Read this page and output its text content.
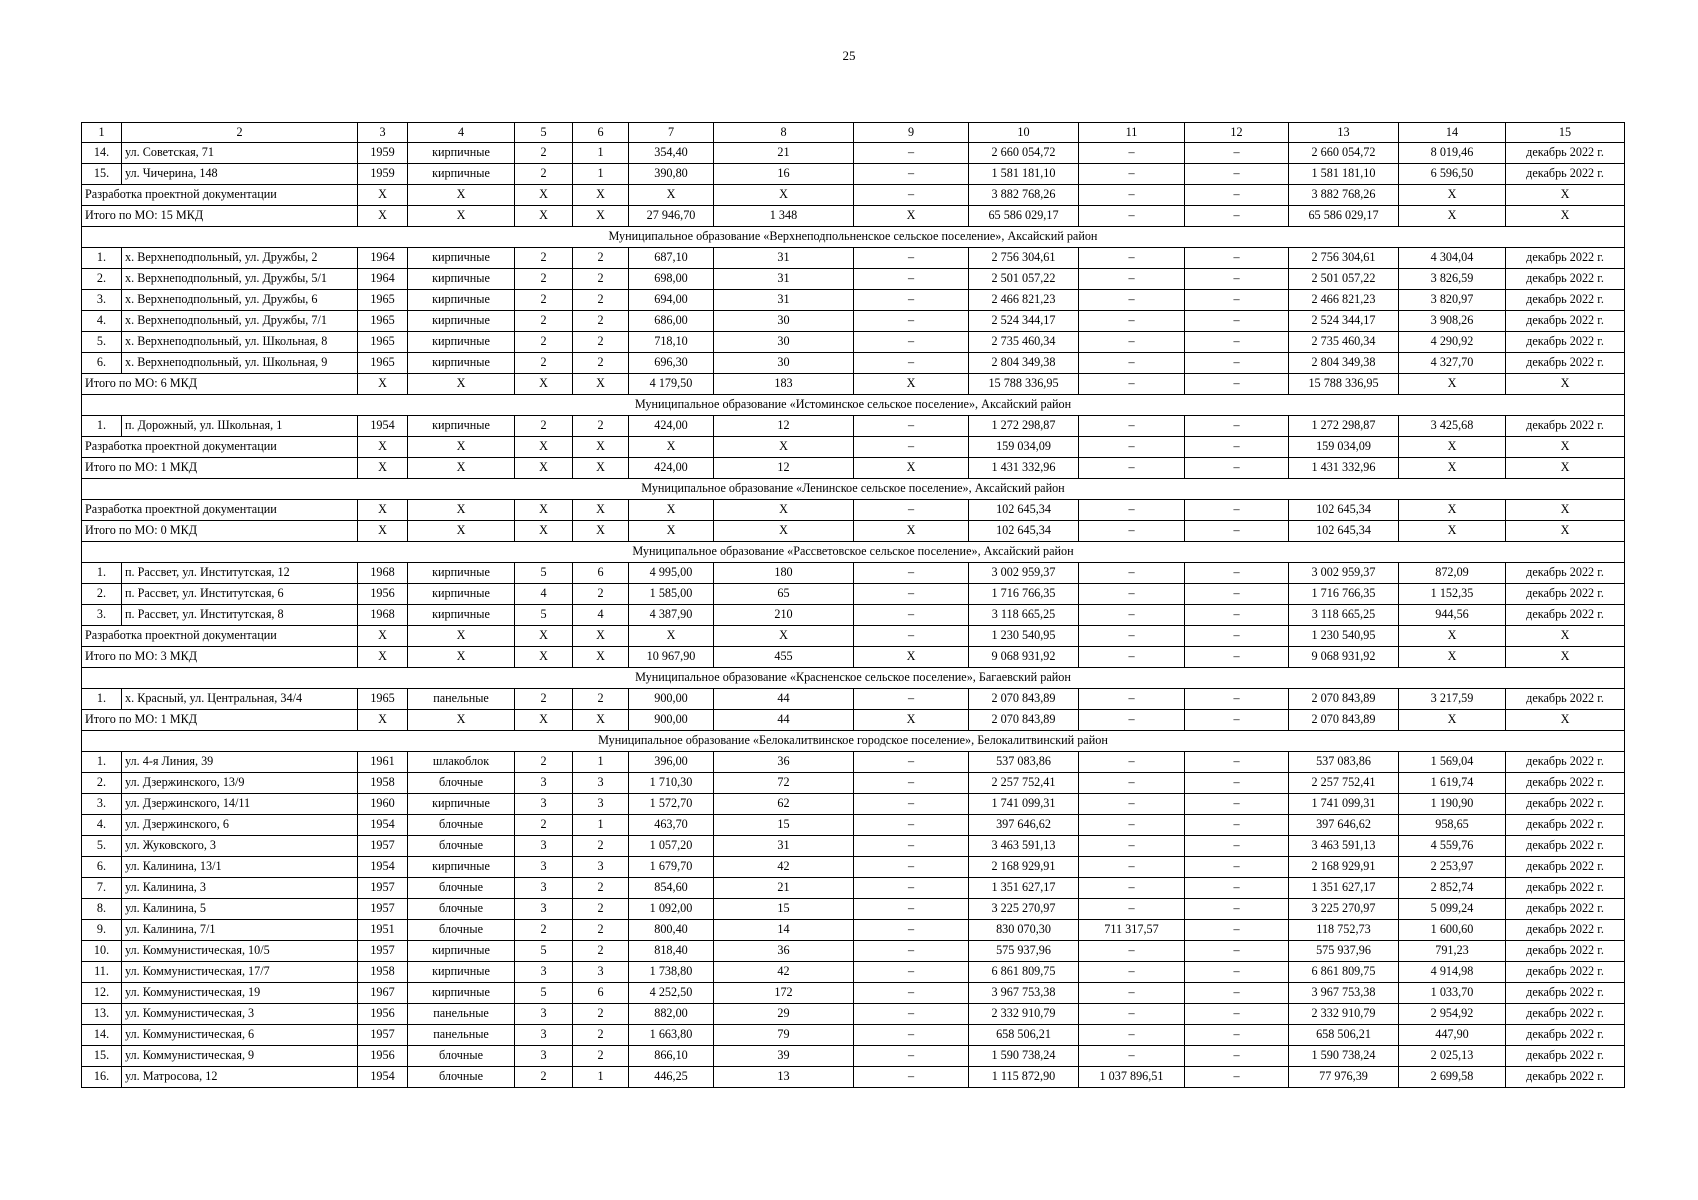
25
1	2	3	4	5	6	7	8	9	10	11	12	13	14	15
14.	ул. Советская, 71	1959	кирпичные	2	1	354,40	21	–	2 660 054,72	–	–	2 660 054,72	8 019,46	декабрь 2022 г.
15.	ул. Чичерина, 148	1959	кирпичные	2	1	390,80	16	–	1 581 181,10	–	–	1 581 181,10	6 596,50	декабрь 2022 г.
Разработка проектной документации		X	X	X	X	X	X	–	3 882 768,26	–	–	3 882 768,26	X	X
Итого по МО: 15 МКД		X	X	X	X	27 946,70	1 348	X	65 586 029,17	–	–	65 586 029,17	X	X
Муниципальное образование «Верхнеподпольненское сельское поселение», Аксайский район														
1.	х. Верхнеподпольный, ул. Дружбы, 2	1964	кирпичные	2	2	687,10	31	–	2 756 304,61	–	–	2 756 304,61	4 304,04	декабрь 2022 г.
2.	х. Верхнеподпольный, ул. Дружбы, 5/1	1964	кирпичные	2	2	698,00	31	–	2 501 057,22	–	–	2 501 057,22	3 826,59	декабрь 2022 г.
3.	х. Верхнеподпольный, ул. Дружбы, 6	1965	кирпичные	2	2	694,00	31	–	2 466 821,23	–	–	2 466 821,23	3 820,97	декабрь 2022 г.
4.	х. Верхнеподпольный, ул. Дружбы, 7/1	1965	кирпичные	2	2	686,00	30	–	2 524 344,17	–	–	2 524 344,17	3 908,26	декабрь 2022 г.
5.	х. Верхнеподпольный, ул. Школьная, 8	1965	кирпичные	2	2	718,10	30	–	2 735 460,34	–	–	2 735 460,34	4 290,92	декабрь 2022 г.
6.	х. Верхнеподпольный, ул. Школьная, 9	1965	кирпичные	2	2	696,30	30	–	2 804 349,38	–	–	2 804 349,38	4 327,70	декабрь 2022 г.
Итого по МО: 6 МКД		X	X	X	X	4 179,50	183	X	15 788 336,95	–	–	15 788 336,95	X	X
Муниципальное образование «Истоминское сельское поселение», Аксайский район														
1.	п. Дорожный, ул. Школьная, 1	1954	кирпичные	2	2	424,00	12	–	1 272 298,87	–	–	1 272 298,87	3 425,68	декабрь 2022 г.
Разработка проектной документации		X	X	X	X	X	X	–	159 034,09	–	–	159 034,09	X	X
Итого по МО: 1 МКД		X	X	X	X	424,00	12	X	1 431 332,96	–	–	1 431 332,96	X	X
Муниципальное образование «Ленинское сельское поселение», Аксайский район														
Разработка проектной документации		X	X	X	X	X	X	–	102 645,34	–	–	102 645,34	X	X
Итого по МО: 0 МКД		X	X	X	X	X	X	X	102 645,34	–	–	102 645,34	X	X
Муниципальное образование «Рассветовское сельское поселение», Аксайский район														
1.	п. Рассвет, ул. Институтская, 12	1968	кирпичные	5	6	4 995,00	180	–	3 002 959,37	–	–	3 002 959,37	872,09	декабрь 2022 г.
2.	п. Рассвет, ул. Институтская, 6	1956	кирпичные	4	2	1 585,00	65	–	1 716 766,35	–	–	1 716 766,35	1 152,35	декабрь 2022 г.
3.	п. Рассвет, ул. Институтская, 8	1968	кирпичные	5	4	4 387,90	210	–	3 118 665,25	–	–	3 118 665,25	944,56	декабрь 2022 г.
Разработка проектной документации		X	X	X	X	X	X	–	1 230 540,95	–	–	1 230 540,95	X	X
Итого по МО: 3 МКД		X	X	X	X	10 967,90	455	X	9 068 931,92	–	–	9 068 931,92	X	X
Муниципальное образование «Красненское сельское поселение», Багаевский район														
1.	х. Красный, ул. Центральная, 34/4	1965	панельные	2	2	900,00	44	–	2 070 843,89	–	–	2 070 843,89	3 217,59	декабрь 2022 г.
Итого по МО: 1 МКД		X	X	X	X	900,00	44	X	2 070 843,89	–	–	2 070 843,89	X	X
Муниципальное образование «Белокалитвинское городское поселение», Белокалитвинский район														
1.	ул. 4-я Линия, 39	1961	шлакоблок	2	1	396,00	36	–	537 083,86	–	–	537 083,86	1 569,04	декабрь 2022 г.
2.	ул. Дзержинского, 13/9	1958	блочные	3	3	1 710,30	72	–	2 257 752,41	–	–	2 257 752,41	1 619,74	декабрь 2022 г.
3.	ул. Дзержинского, 14/11	1960	кирпичные	3	3	1 572,70	62	–	1 741 099,31	–	–	1 741 099,31	1 190,90	декабрь 2022 г.
4.	ул. Дзержинского, 6	1954	блочные	2	1	463,70	15	–	397 646,62	–	–	397 646,62	958,65	декабрь 2022 г.
5.	ул. Жуковского, 3	1957	блочные	3	2	1 057,20	31	–	3 463 591,13	–	–	3 463 591,13	4 559,76	декабрь 2022 г.
6.	ул. Калинина, 13/1	1954	кирпичные	3	3	1 679,70	42	–	2 168 929,91	–	–	2 168 929,91	2 253,97	декабрь 2022 г.
7.	ул. Калинина, 3	1957	блочные	3	2	854,60	21	–	1 351 627,17	–	–	1 351 627,17	2 852,74	декабрь 2022 г.
8.	ул. Калинина, 5	1957	блочные	3	2	1 092,00	15	–	3 225 270,97	–	–	3 225 270,97	5 099,24	декабрь 2022 г.
9.	ул. Калинина, 7/1	1951	блочные	2	2	800,40	14	–	830 070,30	711 317,57	–	118 752,73	1 600,60	декабрь 2022 г.
10.	ул. Коммунистическая, 10/5	1957	кирпичные	5	2	818,40	36	–	575 937,96	–	–	575 937,96	791,23	декабрь 2022 г.
11.	ул. Коммунистическая, 17/7	1958	кирпичные	3	3	1 738,80	42	–	6 861 809,75	–	–	6 861 809,75	4 914,98	декабрь 2022 г.
12.	ул. Коммунистическая, 19	1967	кирпичные	5	6	4 252,50	172	–	3 967 753,38	–	–	3 967 753,38	1 033,70	декабрь 2022 г.
13.	ул. Коммунистическая, 3	1956	панельные	3	2	882,00	29	–	2 332 910,79	–	–	2 332 910,79	2 954,92	декабрь 2022 г.
14.	ул. Коммунистическая, 6	1957	панельные	3	2	1 663,80	79	–	658 506,21	–	–	658 506,21	447,90	декабрь 2022 г.
15.	ул. Коммунистическая, 9	1956	блочные	3	2	866,10	39	–	1 590 738,24	–	–	1 590 738,24	2 025,13	декабрь 2022 г.
16.	ул. Матросова, 12	1954	блочные	2	1	446,25	13	–	1 115 872,90	1 037 896,51	–	77 976,39	2 699,58	декабрь 2022 г.
